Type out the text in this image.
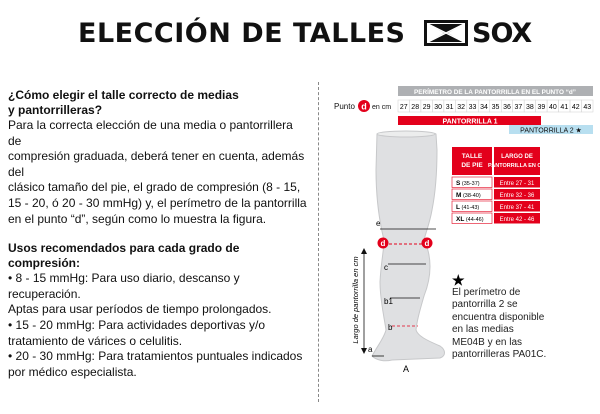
ELECCIÓN DE TALLES SOX

¿Cómo elegir el talle correcto de medias

y pantorrilleras?

Para la correcta elección de una media o pantorrillera de

compresión graduada, deberá tener en cuenta, además del

clásico tamaño del pie, el grado de compresión (8 - 15,

15 - 20, ó 20 - 30 mmHg) y, el perímetro de la pantorrilla

en el punto “d”, según como lo muestra la figura.

Usos recomendados para cada grado de

compresión:

• 8 - 15 mmHg: Para uso diario, descanso y recuperación.

Aptas para usar períodos de tiempo prolongados.

• 15 - 20 mmHg: Para actividades deportivas y/o

tratamiento de várices o celulitis.

• 20 - 30 mmHg: Para tratamientos puntuales indicados

por médico especialista.

PERÍMETRO DE LA PANTORRILLA EN EL PUNTO “d”
Punto d en cm 27 28 29 30 31 32 33 34 35 36 37 38 39 40 41 42 43
PANTORRILLA 1
PANTORRILLA 2 ★
e
d	d
c
b1
b
a
A
Largo de pantorrilla en cm
TALLE
DE PIE
LARGO DE
PANTORRILLA EN CM
S (35-37)	Entre 27 - 31
M (38-40)	Entre 32 - 36
L (41-43)	Entre 37 - 41
XL (44-46)	Entre 42 - 46
★
El perímetro de
pantorrilla 2 se
encuentra disponible
en las medias
ME04B y en las
pantorrilleras PA01C.
